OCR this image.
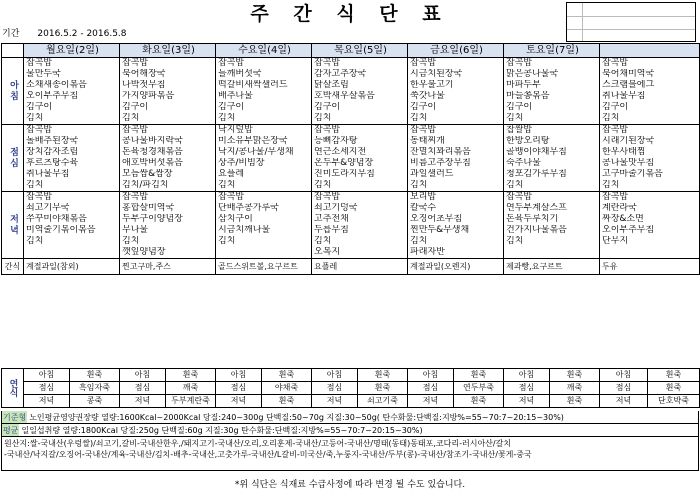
주 간 식 단 표
기간 2016.5.2 - 2016.5.8
	월요일(2일)	화요일(3일)	수요일(4일)	목요일(5일)	금요일(6일)	토요일(7일)	
아침	잡곡밥	잡곡밥	잡곡밥	잡곡밥	잡곡밥	잡곡밥	잡곡밥
	물만두국	북어해장국	들깨버섯국	감자고추장국	시금치된장국	맑은콩나물국	북어채미역국
	소채새송이볶음	나박젓무침	떡갈비새싹샐러드	닭살조림	한우불고기	마파두부	스크램블에그
	오이부추무침	가지양파볶음	배추나물	호박새우살볶음	쑥갓나물	마늘쫑볶음	취나물무침
	김구이	김구이	김구이	김구이	김구이	김구이	김구이
	김치	김치	김치	김치	김치	김치	김치
점심	잡곡밥	잡곡밥	낙지덮밥	잡곡밥	잡곡밥	찹쌀밥	잡곡밥
	돌배추된장국	콩나물바지락국	미소유부맑은장국	등뼈감자탕	동태찌개	한방오리탕	시래기된장국
	장치감자조림	돈육청경채볶음	낙지/콩나물/무생채	연근소세지전	잔멸치꽈리볶음	골뱅이야채무침	한우사태찜
	후르츠탕수육	애호박버섯볶음	상추/비빔장	온두부&양념장	비름고추장무침	숙주나물	콩나물맛무침
	취나물무침	모듬쌈&쌈장	요플레	진미도라지무침	과일샐러드	청포김가루무침	고구마줄기볶음
	김치	김치/파김치	김치	김치	김치	김치	김치
저녁	잡곡밥	잡곡밥	잡곡밥	잡곡밥	보리밥	잡곡밥	잡곡밥
	쇠고기무국	홍합살미역국	단배추콩가루국	쇠고기덩국	칼국수	연두부계살스프	계란라국
	쭈꾸미야채볶음	두부구이양념장	삼치구이	고추전채	오징어초무침	돈육두루치기	짜장&소면
	미역줄기볶이볶음	무나물	시금치깨나물	두릅무침	찐만두&무생채	건가지나물볶음	오이부추무침
	김치	김치	김치	김치	김치	김치	단무지
		깻잎양념장		오복지	파래자반		
간식	계절과일(참외)	찐고구마,주스	골드스위트볼,요구르트	요플레	계절과일(오렌지)	제과빵,요구르트	두유
연식	아침	흰죽	아침	흰죽	아침	흰죽	아침	흰죽	아침	흰죽	아침	흰죽	아침	흰죽
	점심	흑임자죽	점심	깨죽	점심	야채죽	점심	흰죽	점심	연두부죽	점심	깨죽	점심	흰죽
	저녁	콩죽	저녁	두부계란죽	저녁	흰죽	저녁	쇠고기죽	저녁	흰죽	저녁	흰죽	저녁	단호박죽
기준형 노인평균영양권장량 열량:1600Kcal~2000Kcal 당질:240~300g 단백질:50~70g 지질:30~50g( 탄수화물:단백질:지방%=55~70:7~20:15~30%)
평균 일일섭취량 열량:1800Kcal 당질:250g 단백질:60g 지질:30g 탄수화물:단백질:지방%=55~70:7~20:15~30%)
원산지:쌀-국내산(우렁쌀)/쇠고기,갈비-국내산한우,/돼지고기-국내산/오리,오리훈제-국내산/고등어-국내산/명태(동태)동태포,코다리-러시아산/갈치
-국내산/낙지갈/오징어-국내산/계육-국내산/김치-배추-국내산,고춧가루-국내산/L갈비-미국산/죽,누룽지-국내산/두부(콩)-국내산/참조기-국내산/꽃게-중국
*위 식단은 식재료 수급사정에 따라 변경 될 수도 있습니다.
